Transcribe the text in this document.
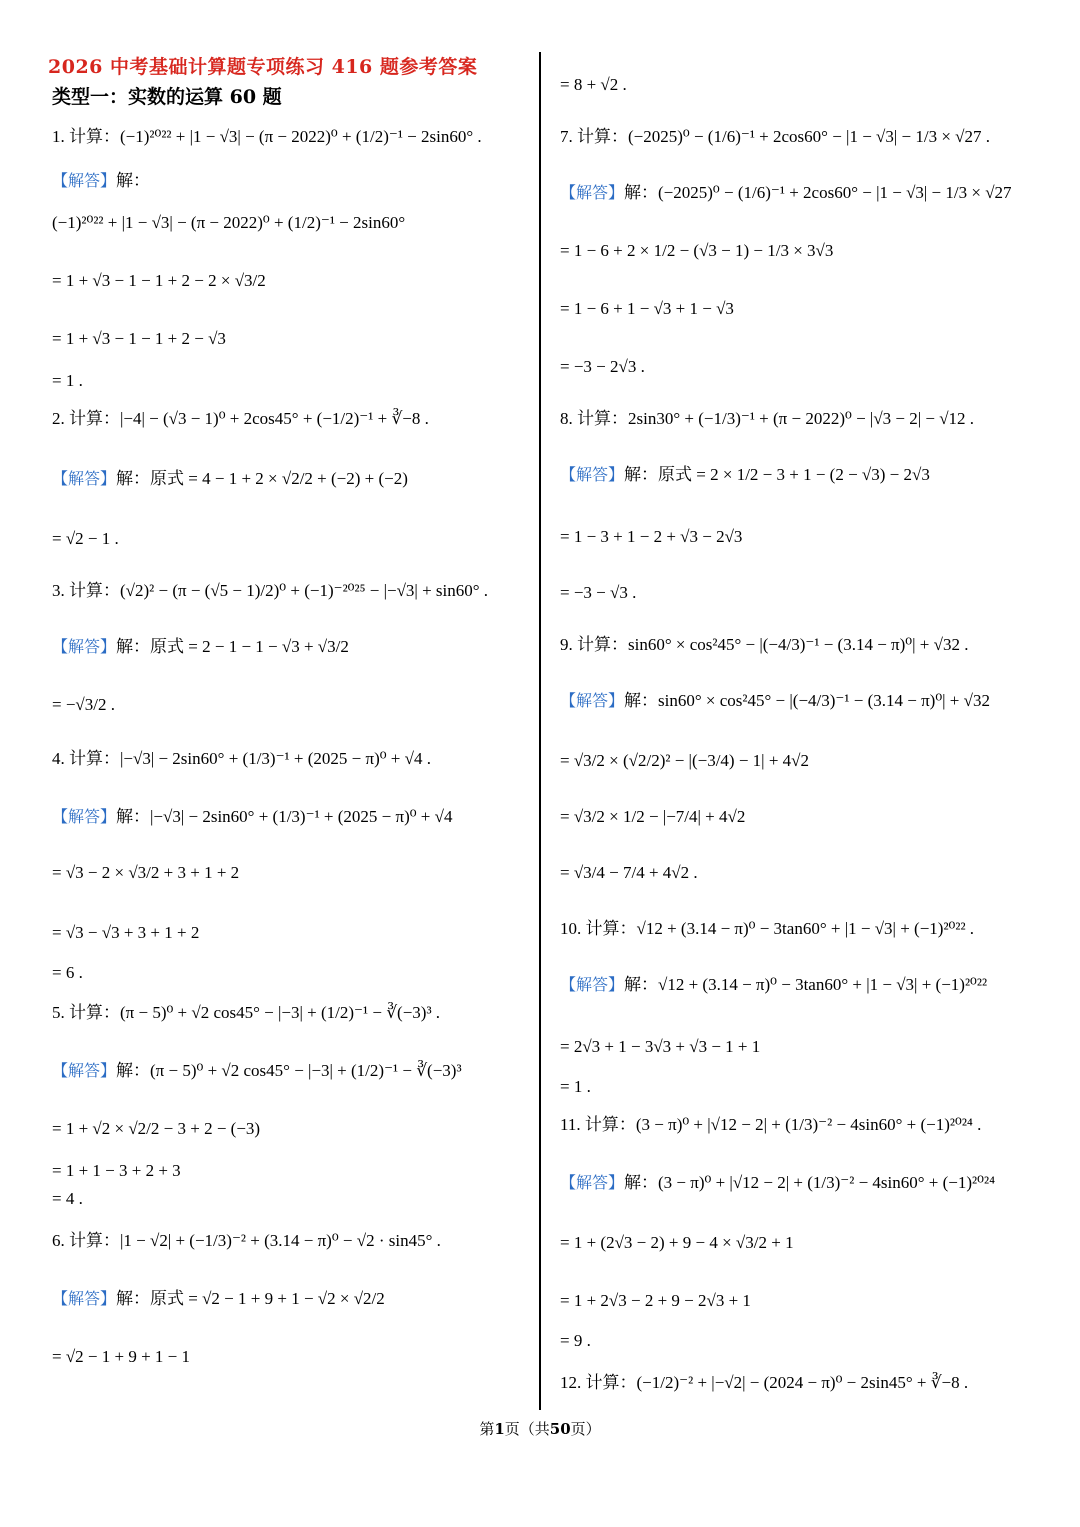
2026 中考基础计算题专项练习 416 题参考答案
类型一：实数的运算 60 题
1. 计算：(−1)²⁰²² + |1 − √3| − (π − 2022)⁰ + (1/2)⁻¹ − 2sin60° .
【解答】解：
(−1)²⁰²² + |1 − √3| − (π − 2022)⁰ + (1/2)⁻¹ − 2sin60°
= 1 + √3 − 1 − 1 + 2 − 2 × √3/2
= 1 + √3 − 1 − 1 + 2 − √3
= 1 .
2. 计算：|−4| − (√3 − 1)⁰ + 2cos45° + (−1/2)⁻¹ + ∛−8 .
【解答】解：原式 = 4 − 1 + 2 × √2/2 + (−2) + (−2)
= √2 − 1 .
3. 计算：(√2)² − (π − (√5 − 1)/2)⁰ + (−1)⁻²⁰²⁵ − |−√3| + sin60° .
【解答】解：原式 = 2 − 1 − 1 − √3 + √3/2
= −√3/2 .
4. 计算：|−√3| − 2sin60° + (1/3)⁻¹ + (2025 − π)⁰ + √4 .
【解答】解：|−√3| − 2sin60° + (1/3)⁻¹ + (2025 − π)⁰ + √4
= √3 − 2 × √3/2 + 3 + 1 + 2
= √3 − √3 + 3 + 1 + 2
= 6 .
5. 计算：(π − 5)⁰ + √2 cos45° − |−3| + (1/2)⁻¹ − ∛(−3)³ .
【解答】解：(π − 5)⁰ + √2 cos45° − |−3| + (1/2)⁻¹ − ∛(−3)³
= 1 + √2 × √2/2 − 3 + 2 − (−3)
= 1 + 1 − 3 + 2 + 3
= 4 .
6. 计算：|1 − √2| + (−1/3)⁻² + (3.14 − π)⁰ − √2 · sin45° .
【解答】解：原式 = √2 − 1 + 9 + 1 − √2 × √2/2
= √2 − 1 + 9 + 1 − 1
= 8 + √2 .
7. 计算：(−2025)⁰ − (1/6)⁻¹ + 2cos60° − |1 − √3| − 1/3 × √27 .
【解答】解：(−2025)⁰ − (1/6)⁻¹ + 2cos60° − |1 − √3| − 1/3 × √27
= 1 − 6 + 2 × 1/2 − (√3 − 1) − 1/3 × 3√3
= 1 − 6 + 1 − √3 + 1 − √3
= −3 − 2√3 .
8. 计算：2sin30° + (−1/3)⁻¹ + (π − 2022)⁰ − |√3 − 2| − √12 .
【解答】解：原式 = 2 × 1/2 − 3 + 1 − (2 − √3) − 2√3
= 1 − 3 + 1 − 2 + √3 − 2√3
= −3 − √3 .
9. 计算：sin60° × cos²45° − |(−4/3)⁻¹ − (3.14 − π)⁰| + √32 .
【解答】解：sin60° × cos²45° − |(−4/3)⁻¹ − (3.14 − π)⁰| + √32
= √3/2 × (√2/2)² − |(−3/4) − 1| + 4√2
= √3/2 × 1/2 − |−7/4| + 4√2
= √3/4 − 7/4 + 4√2 .
10. 计算：√12 + (3.14 − π)⁰ − 3tan60° + |1 − √3| + (−1)²⁰²² .
【解答】解：√12 + (3.14 − π)⁰ − 3tan60° + |1 − √3| + (−1)²⁰²²
= 2√3 + 1 − 3√3 + √3 − 1 + 1
= 1 .
11. 计算：(3 − π)⁰ + |√12 − 2| + (1/3)⁻² − 4sin60° + (−1)²⁰²⁴ .
【解答】解：(3 − π)⁰ + |√12 − 2| + (1/3)⁻² − 4sin60° + (−1)²⁰²⁴
= 1 + (2√3 − 2) + 9 − 4 × √3/2 + 1
= 1 + 2√3 − 2 + 9 − 2√3 + 1
= 9 .
12. 计算：(−1/2)⁻² + |−√2| − (2024 − π)⁰ − 2sin45° + ∛−8 .
第1页（共50页）
